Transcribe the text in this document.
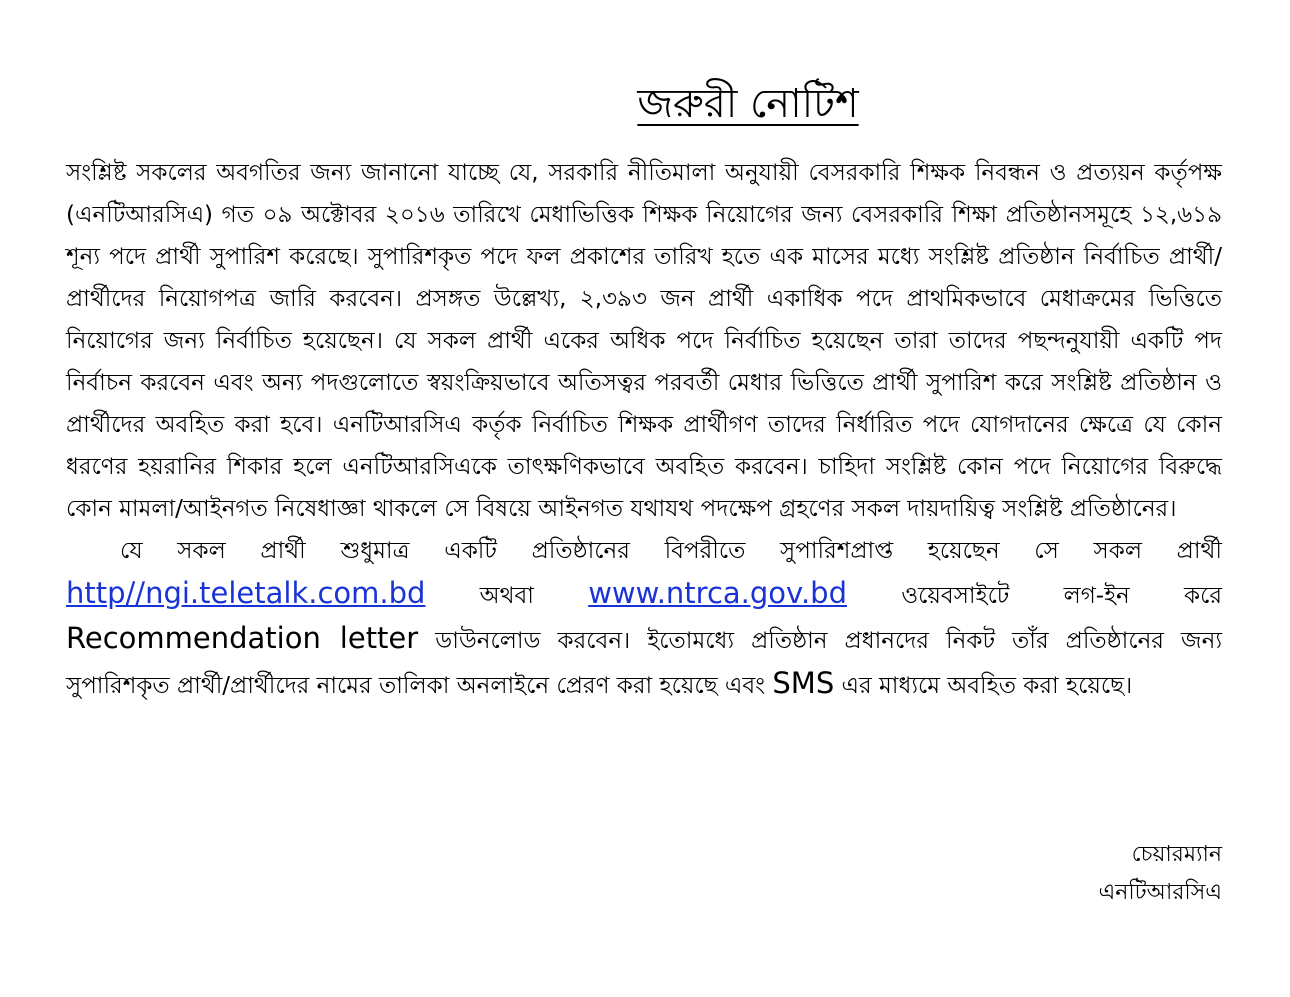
জরুরী নোটিশ

সংশ্লিষ্ট সকলের অবগতির জন্য জানানো যাচ্ছে যে, সরকারি নীতিমালা অনুযায়ী বেসরকারি শিক্ষক নিবন্ধন ও প্রত্যয়ন কর্তৃপক্ষ (এনটিআরসিএ) গত ০৯ অক্টোবর ২০১৬ তারিখে মেধাভিত্তিক শিক্ষক নিয়োগের জন্য বেসরকারি শিক্ষা প্রতিষ্ঠানসমূহে ১২,৬১৯ শূন্য পদে প্রার্থী সুপারিশ করেছে। সুপারিশকৃত পদে ফল প্রকাশের তারিখ হতে এক মাসের মধ্যে সংশ্লিষ্ট প্রতিষ্ঠান নির্বাচিত প্রার্থী/প্রার্থীদের নিয়োগপত্র জারি করবেন। প্রসঙ্গত উল্লেখ্য, ২,৩৯৩ জন প্রার্থী একাধিক পদে প্রাথমিকভাবে মেধাক্রমের ভিত্তিতে নিয়োগের জন্য নির্বাচিত হয়েছেন। যে সকল প্রার্থী একের অধিক পদে নির্বাচিত হয়েছেন তারা তাদের পছন্দনুযায়ী একটি পদ নির্বাচন করবেন এবং অন্য পদগুলোতে স্বয়ংক্রিয়ভাবে অতিসত্বর পরবর্তী মেধার ভিত্তিতে প্রার্থী সুপারিশ করে সংশ্লিষ্ট প্রতিষ্ঠান ও প্রার্থীদের অবহিত করা হবে। এনটিআরসিএ কর্তৃক নির্বাচিত শিক্ষক প্রার্থীগণ তাদের নির্ধারিত পদে যোগদানের ক্ষেত্রে যে কোন ধরণের হয়রানির শিকার হলে এনটিআরসিএকে তাৎক্ষণিকভাবে অবহিত করবেন। চাহিদা সংশ্লিষ্ট কোন পদে নিয়োগের বিরুদ্ধে কোন মামলা/আইনগত নিষেধাজ্ঞা থাকলে সে বিষয়ে আইনগত যথাযথ পদক্ষেপ গ্রহণের সকল দায়দায়িত্ব সংশ্লিষ্ট প্রতিষ্ঠানের।

যে সকল প্রার্থী শুধুমাত্র একটি প্রতিষ্ঠানের বিপরীতে সুপারিশপ্রাপ্ত হয়েছেন সে সকল প্রার্থী http//ngi.teletalk.com.bd অথবা www.ntrca.gov.bd ওয়েবসাইটে লগ-ইন করে Recommendation letter ডাউনলোড করবেন। ইতোমধ্যে প্রতিষ্ঠান প্রধানদের নিকট তাঁর প্রতিষ্ঠানের জন্য সুপারিশকৃত প্রার্থী/প্রার্থীদের নামের তালিকা অনলাইনে প্রেরণ করা হয়েছে এবং SMS এর মাধ্যমে অবহিত করা হয়েছে।

চেয়ারম্যান
এনটিআরসিএ
